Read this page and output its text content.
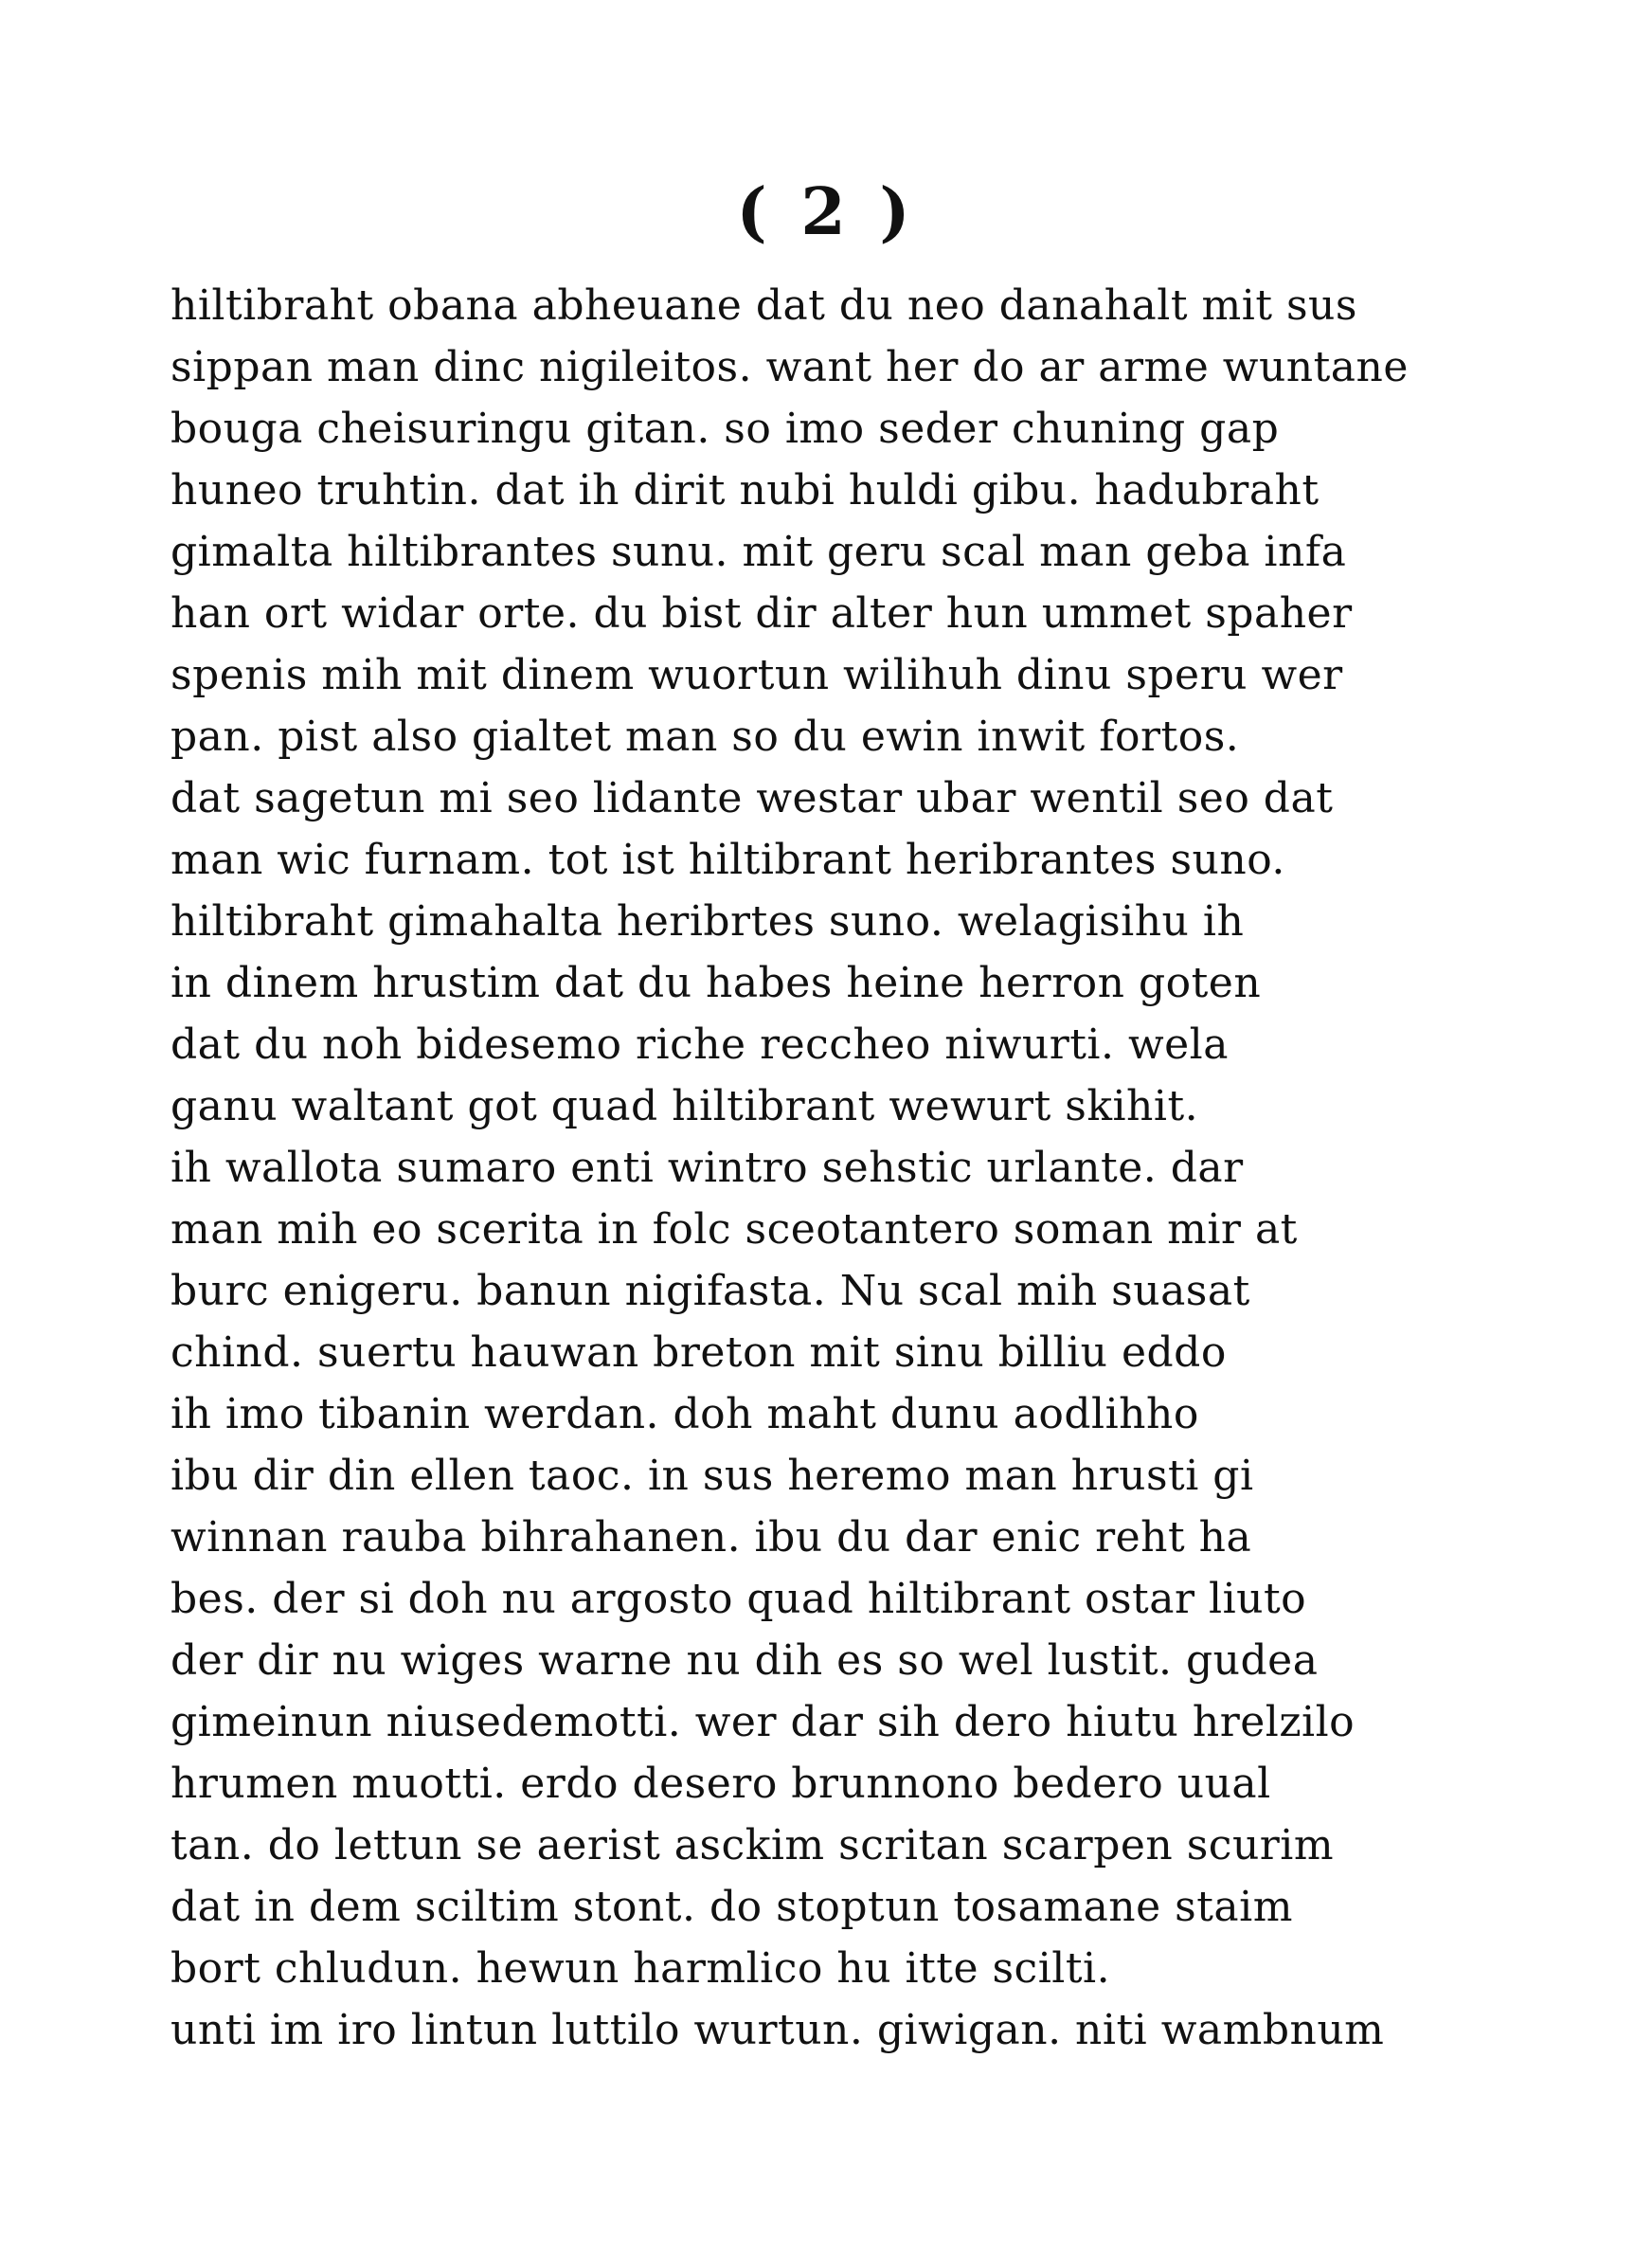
( 2 )
hiltibraht obana abheuane dat du neo danahalt mit sus
sippan man dinc nigileitos. want her do ar arme wuntane
bouga cheisuringu gitan. so imo seder chuning gap
huneo truhtin. dat ih dirit nubi huldi gibu. hadubraht
gimalta hiltibrantes sunu. mit geru scal man geba infa
han ort widar orte. du bist dir alter hun ummet spaher
spenis mih mit dinem wuortun wilihuh dinu speru wer
pan. pist also gialtet man so du ewin inwit fortos.
dat sagetun mi seo lidante westar ubar wentil seo dat
man wic furnam. tot ist hiltibrant heribrantes suno.
hiltibraht gimahalta heribrtes suno. welagisihu ih
in dinem hrustim dat du habes heine herron goten
dat du noh bidesemo riche reccheo niwurti. wela
ganu waltant got quad hiltibrant wewurt skihit.
ih wallota sumaro enti wintro sehstic urlante. dar
man mih eo scerita in folc sceotantero soman mir at
burc enigeru. banun nigifasta. Nu scal mih suasat
chind. suertu hauwan breton mit sinu billiu eddo
ih imo tibanin werdan. doh maht dunu aodlihho
ibu dir din ellen taoc. in sus heremo man hrusti gi
winnan rauba bihrahanen. ibu du dar enic reht ha
bes. der si doh nu argosto quad hiltibrant ostar liuto
der dir nu wiges warne nu dih es so wel lustit. gudea
gimeinun niusedemotti. wer dar sih dero hiutu hrelzilo
hrumen muotti. erdo desero brunnono bedero uual
tan. do lettun se aerist asckim scritan scarpen scurim
dat in dem sciltim stont. do stoptun tosamane staim
bort chludun. hewun harmlico hu itte scilti.
unti im iro lintun luttilo wurtun. giwigan. niti wambnum
